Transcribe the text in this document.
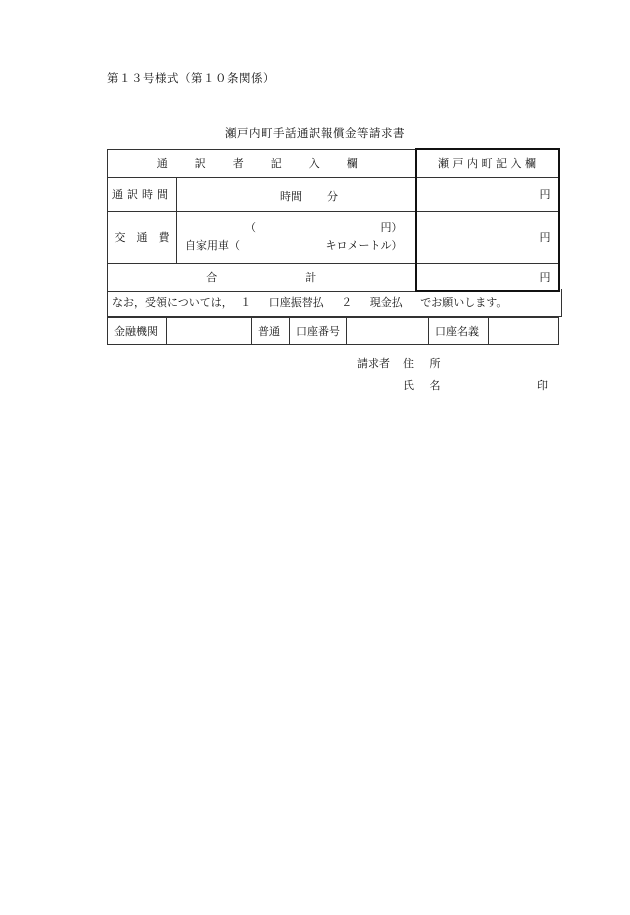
第１３号様式（第１０条関係）
瀬戸内町手話通訳報償金等請求書
通　訳　者　記　入　欄		瀬 戸 内 町 記 入 欄
通訳時間	時間 分	円
交　通　費	（ 円）
自家用車（ キロメートル）	円
合　　　　　　　　計		円
なお，受領については， １ 口座振替払 ２ 現金払 でお願いします。
金融機関		普通	口座番号		口座名義	
請求者 住 所
氏 名	印
